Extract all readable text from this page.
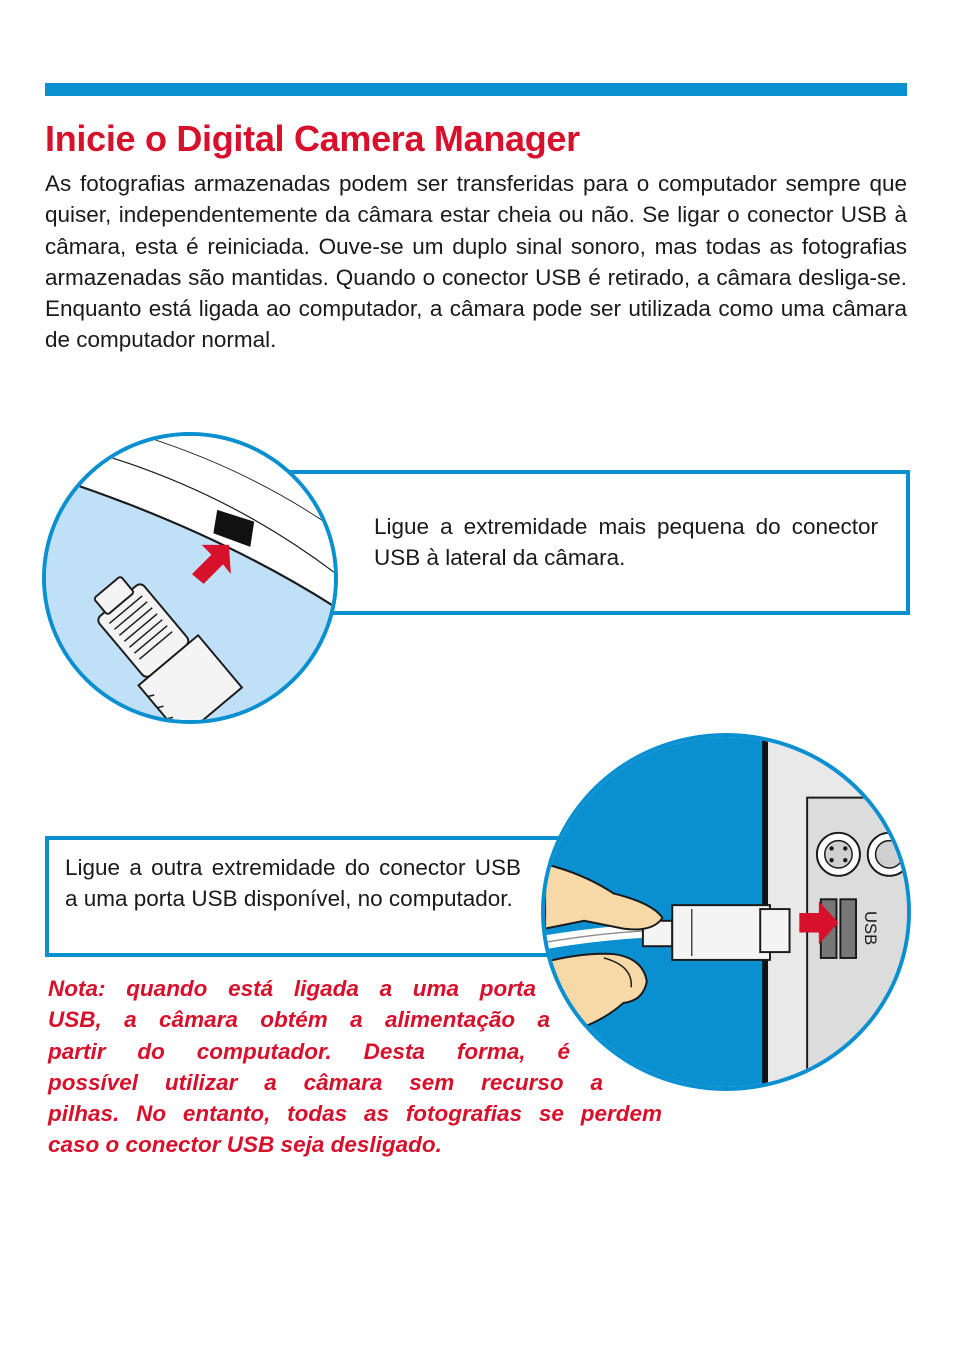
Inicie o Digital Camera Manager

As fotografias armazenadas podem ser transferidas para o computador sempre que quiser, independentemente da câmara estar cheia ou não. Se ligar o conector USB à câmara, esta é reiniciada. Ouve-se um duplo sinal sonoro, mas todas as fotografias armazenadas são mantidas. Quando o conector USB é retirado, a câmara desliga-se. Enquanto está ligada ao computador, a câmara pode ser utilizada como uma câmara de computador normal.

Ligue a extremidade mais pequena do conector USB à lateral da câmara.
Ligue a outra extremidade do conector USB a uma porta USB disponível, no computador.
USB

Nota: quando está ligada a uma porta
USB, a câmara obtém a alimentação a
partir do computador. Desta forma, é
possível utilizar a câmara sem recurso a
pilhas. No entanto, todas as fotografias se perdem
caso o conector USB seja desligado.
